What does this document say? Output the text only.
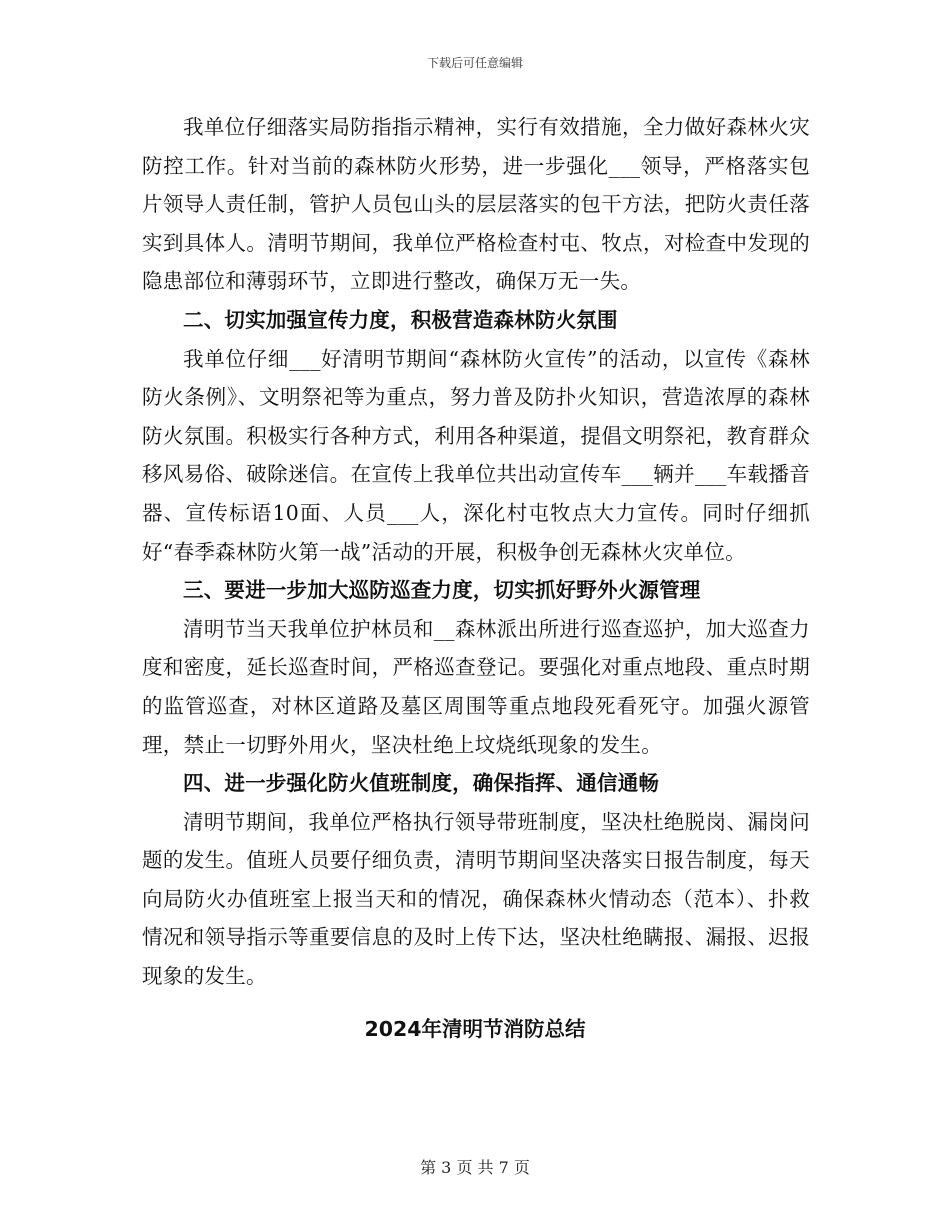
下载后可任意编辑

我单位仔细落实局防指指示精神，实行有效措施，全力做好森林火灾防控工作。针对当前的森林防火形势，进一步强化___领导，严格落实包片领导人责任制，管护人员包山头的层层落实的包干方法，把防火责任落实到具体人。清明节期间，我单位严格检查村屯、牧点，对检查中发现的隐患部位和薄弱环节，立即进行整改，确保万无一失。

二、切实加强宣传力度，积极营造森林防火氛围

我单位仔细___好清明节期间“森林防火宣传”的活动，以宣传《森林防火条例》、文明祭祀等为重点，努力普及防扑火知识，营造浓厚的森林防火氛围。积极实行各种方式，利用各种渠道，提倡文明祭祀，教育群众移风易俗、破除迷信。在宣传上我单位共出动宣传车___辆并___车载播音器、宣传标语10面、人员___人，深化村屯牧点大力宣传。同时仔细抓好“春季森林防火第一战”活动的开展，积极争创无森林火灾单位。

三、要进一步加大巡防巡查力度，切实抓好野外火源管理

清明节当天我单位护林员和__森林派出所进行巡查巡护，加大巡查力度和密度，延长巡查时间，严格巡查登记。要强化对重点地段、重点时期的监管巡查，对林区道路及墓区周围等重点地段死看死守。加强火源管理，禁止一切野外用火，坚决杜绝上坟烧纸现象的发生。

四、进一步强化防火值班制度，确保指挥、通信通畅

清明节期间，我单位严格执行领导带班制度，坚决杜绝脱岗、漏岗问题的发生。值班人员要仔细负责，清明节期间坚决落实日报告制度，每天向局防火办值班室上报当天和的情况，确保森林火情动态（范本）、扑救情况和领导指示等重要信息的及时上传下达，坚决杜绝瞒报、漏报、迟报现象的发生。

2024年清明节消防总结
第 3 页 共 7 页
